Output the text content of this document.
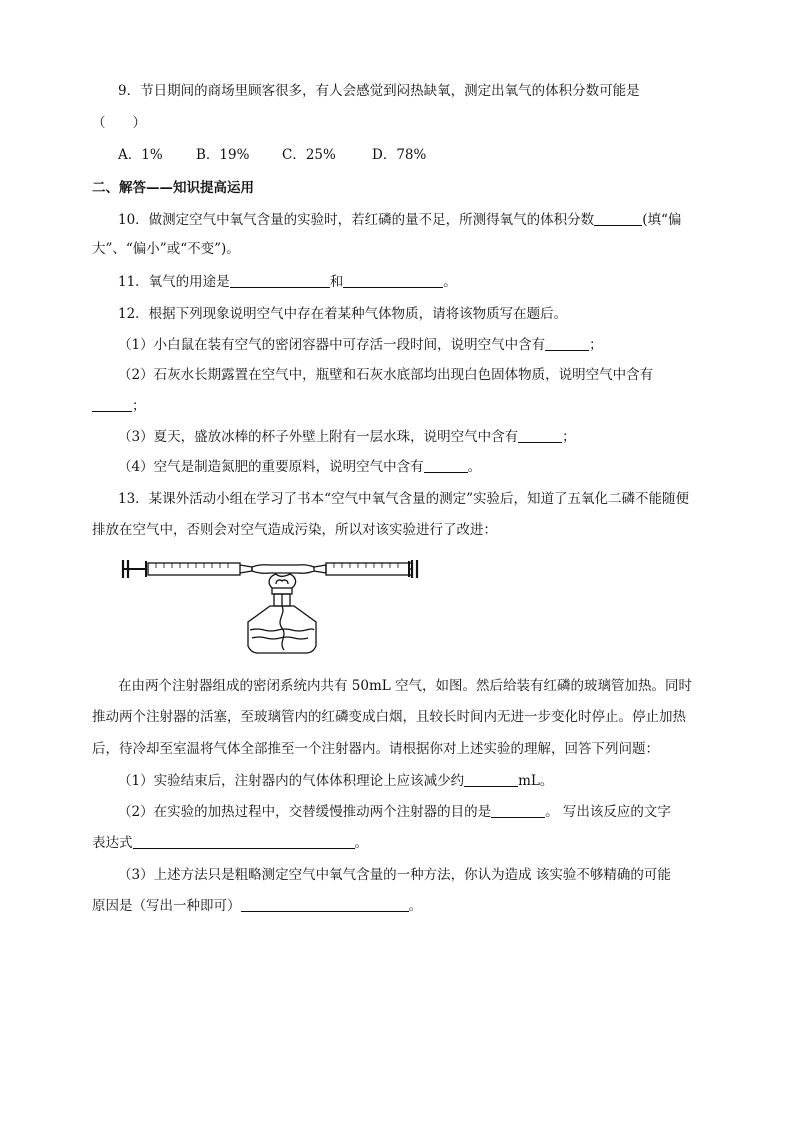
9．节日期间的商场里顾客很多，有人会感觉到闷热缺氧，测定出氧气的体积分数可能是
（　　）
A．1% B．19% C．25%	D．78%
二、解答——知识提高运用
10．做测定空气中氧气含量的实验时，若红磷的量不足，所测得氧气的体积分数	(填“偏
大”、“偏小”或“不变”)。
11．氧气的用途是	和	。
12．根据下列现象说明空气中存在着某种气体物质，请将该物质写在题后。
（1）小白鼠在装有空气的密闭容器中可存活一段时间，说明空气中含有	；
（2）石灰水长期露置在空气中，瓶壁和石灰水底部均出现白色固体物质，说明空气中含有
；
（3）夏天，盛放冰棒的杯子外壁上附有一层水珠，说明空气中含有	；
（4）空气是制造氮肥的重要原料，说明空气中含有	。
13．某课外活动小组在学习了书本“空气中氧气含量的测定”实验后，知道了五氧化二磷不能随便
排放在空气中，否则会对空气造成污染，所以对该实验进行了改进：
在由两个注射器组成的密闭系统内共有 50mL 空气，如图。然后给装有红磷的玻璃管加热。同时
推动两个注射器的活塞，至玻璃管内的红磷变成白烟，且较长时间内无进一步变化时停止。停止加热
后，待冷却至室温将气体全部推至一个注射器内。请根据你对上述实验的理解，回答下列问题：
（1）实验结束后，注射器内的气体体积理论上应该减少约	mL。
（2）在实验的加热过程中，交替缓慢推动两个注射器的目的是	。 写出该反应的文字
表达式	。
（3）上述方法只是粗略测定空气中氧气含量的一种方法，你认为造成 该实验不够精确的可能
原因是（写出一种即可）	。
